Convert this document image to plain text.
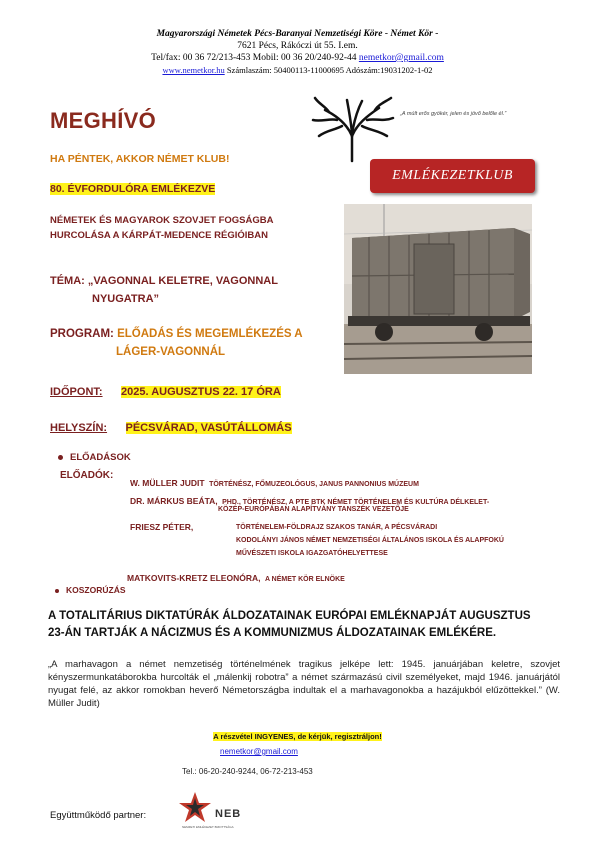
Magyarországi Németek Pécs-Baranyai Nemzetiségi Köre - Német Kör -
7621 Pécs, Rákóczi út 55. I.em.
Tel/fax: 00 36 72/213-453 Mobil: 00 36 20/240-92-44 nemetkor@gmail.com
www.nemetkor.hu Számlaszám: 50400113-11000695 Adószám:19031202-1-02
MEGHÍVÓ
HA PÉNTEK, AKKOR NÉMET KLUB!
80. ÉVFORDULÓRA EMLÉKEZVE
NÉMETEK ÉS MAGYAROK SZOVJET FOGSÁGBA
HURCOLÁSA A KÁRPÁT-MEDENCE RÉGIÓIBAN
„A múlt erős gyökér, jelen és jövő belőle él.”
EMLÉKEZETKLUB
TÉMA: „VAGONNAL KELETRE, VAGONNAL
NYUGATRA”
PROGRAM: ELŐADÁS ÉS MEGEMLÉKEZÉS A
LÁGER-VAGONNÁL
IDŐPONT: 2025. AUGUSZTUS 22. 17 ÓRA
HELYSZÍN: PÉCSVÁRAD, VASÚTÁLLOMÁS
ELŐADÁSOK
ELŐADÓK:
W. MÜLLER JUDIT TÖRTÉNÉSZ, FŐMUZEOLÓGUS, JANUS PANNONIUS MÚZEUM
DR. MÁRKUS BEÁTA, PHD., TÖRTÉNÉSZ, A PTE BTK NÉMET TÖRTÉNELEM ÉS KULTÚRA DÉLKELET-
KÖZÉP-EURÓPÁBAN ALAPÍTVÁNY TANSZÉK VEZETŐJE
FRIESZ PÉTER,	TÖRTÉNELEM-FÖLDRAJZ SZAKOS TANÁR, A PÉCSVÁRADI
KODOLÁNYI JÁNOS NÉMET NEMZETISÉGI ÁLTALÁNOS ISKOLA ÉS ALAPFOKÚ
MŰVÉSZETI ISKOLA IGAZGATÓHELYETTESE
MATKOVITS-KRETZ ELEONÓRA, A NÉMET KÖR ELNÖKE
KOSZORÚZÁS
A TOTALITÁRIUS DIKTATÚRÁK ÁLDOZATAINAK EURÓPAI EMLÉKNAPJÁT AUGUSZTUS
23-ÁN TARTJÁK A NÁCIZMUS ÉS A KOMMUNIZMUS ÁLDOZATAINAK EMLÉKÉRE.
„A marhavagon a német nemzetiség történelmének tragikus jelképe lett: 1945. januárjában keletre, szovjet kényszermunkatáborokba hurcolták el „málenkij robotra” a német származású civil személyeket, majd 1946. januárjától nyugat felé, az akkor romokban heverő Németországba indultak el a marhavagonokba a hazájukból elűzöttekkel.” (W. Müller Judit)
A részvétel INGYENES, de kérjük, regisztráljon!
nemetkor@gmail.com
Tel.: 06-20-240-9244, 06-72-213-453
Együttműködő partner:	NEB
NEMZETI EMLÉKEZET BIZOTTSÁGA
